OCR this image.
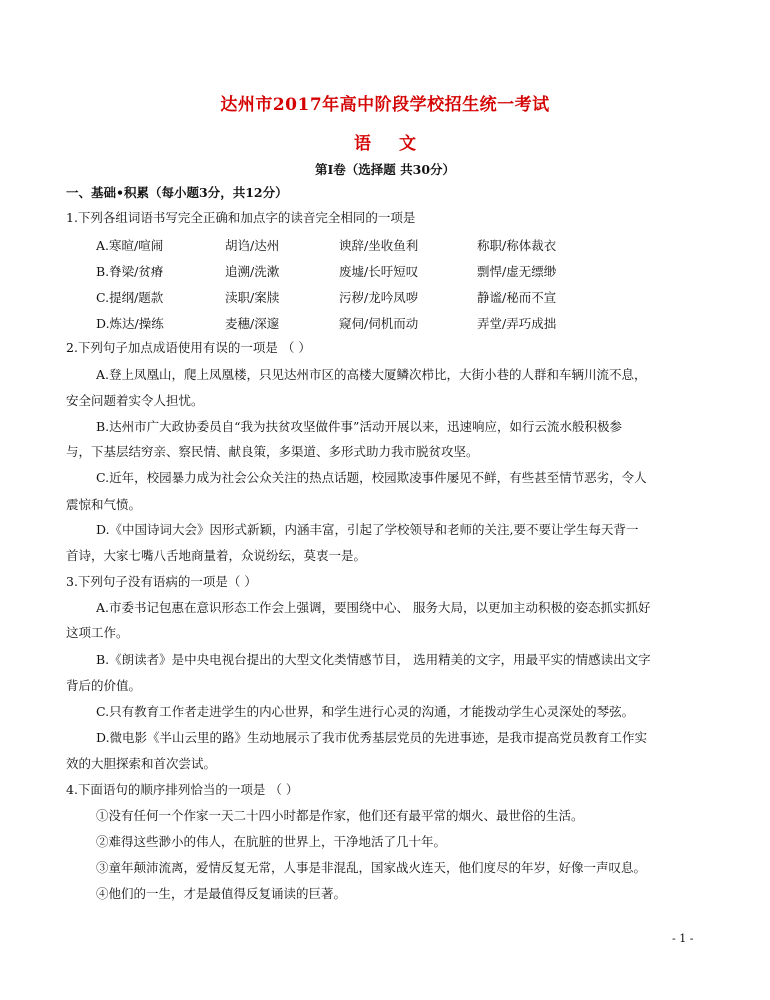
达州市2017年高中阶段学校招生统一考试
语 文
第Ⅰ卷（选择题 共30分）
一、基础•积累（每小题3分，共12分）
1.下列各组词语书写完全正确和加点字的读音完全相同的一项是
A.寒暄/喧闹	胡诌/达州	谀辞/坐收鱼利	称职/称体裁衣
B.脊梁/贫瘠	追溯/洗漱	废墟/长吁短叹	剽悍/虚无缥缈
C.提纲/题款	渎职/案牍	污秽/龙吟凤哕	静谧/秘而不宣
D.炼达/操练	麦穗/深邃	窥伺/伺机而动	弄堂/弄巧成拙
2.下列句子加点成语使用有误的一项是 （ ）
A.登上凤凰山，爬上凤凰楼，只见达州市区的高楼大厦鳞次栉比，大街小巷的人群和车辆川流不息，
安全问题着实令人担忧。
B.达州市广大政协委员自“我为扶贫攻坚做件事”活动开展以来，迅速响应，如行云流水般积极参
与，下基层结穷亲、察民情、献良策，多渠道、多形式助力我市脱贫攻坚。
C.近年，校园暴力成为社会公众关注的热点话题，校园欺凌事件屡见不鲜，有些甚至情节恶劣，令人
震惊和气愤。
D.《中国诗词大会》因形式新颖，内涵丰富，引起了学校领导和老师的关注,要不要让学生每天背一
首诗，大家七嘴八舌地商量着，众说纷纭，莫衷一是。
3.下列句子没有语病的一项是（ ）
A.市委书记包惠在意识形态工作会上强调，要围绕中心、 服务大局，以更加主动积极的姿态抓实抓好
这项工作。
B.《朗读者》是中央电视台提出的大型文化类情感节目， 选用精美的文字，用最平实的情感读出文字
背后的价值。
C.只有教育工作者走进学生的内心世界，和学生进行心灵的沟通，才能拨动学生心灵深处的琴弦。
D.微电影《半山云里的路》生动地展示了我市优秀基层党员的先进事迹，是我市提高党员教育工作实
效的大胆探索和首次尝试。
4.下面语句的顺序排列恰当的一项是 （ ）
①没有任何一个作家一天二十四小时都是作家，他们还有最平常的烟火、最世俗的生活。
②难得这些渺小的伟人，在肮脏的世界上，干净地活了几十年。
③童年颠沛流离，爱情反复无常，人事是非混乱，国家战火连天，他们度尽的年岁，好像一声叹息。
④他们的一生，才是最值得反复诵读的巨著。
- 1 -
